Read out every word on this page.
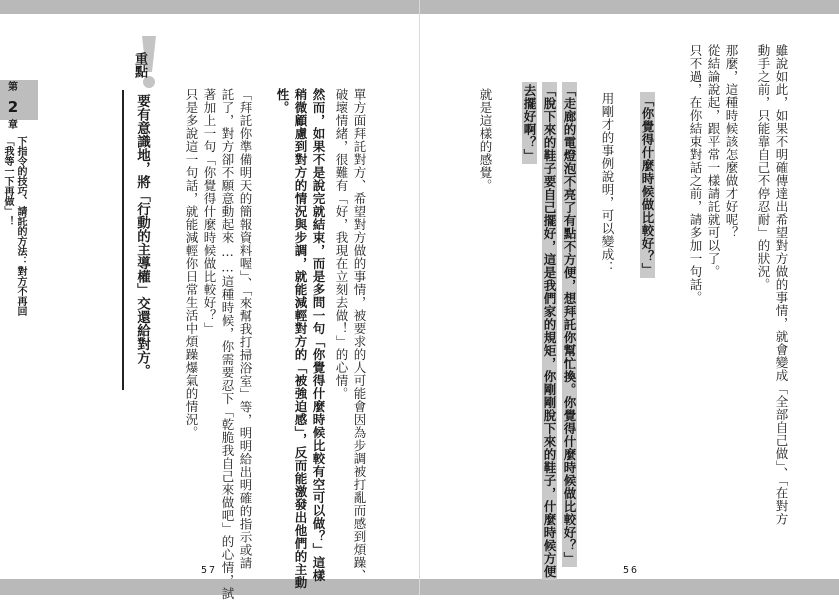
第
2
章
下指令的技巧、請託的方法：對方不再回
「我等一下再做」！
重點
要有意識地，將「行動的主導權」交還給對方。	單方面拜託對方、希望對方做的事情，被要求的人可能會因為步調被打亂而感到煩躁、
破壞情緒，很難有「好，我現在立刻去做！」的心情。
然而，如果不是說完就結束，而是多問一句「你覺得什麼時候比較有空可以做？」這樣
稍微顧慮到對方的情況與步調，就能減輕對方的「被強迫感」，反而能激發出他們的主動
性。
「拜託你準備明天的簡報資料喔」、「來幫我打掃浴室」等，明明給出明確的指示或請
託了，對方卻不願意動起來……這種時候，你需要忍下「乾脆我自己來做吧」的心情，試
著加上一句「你覺得什麼時候做比較好？」
只是多說這一句話，就能減輕你日常生活中煩躁爆氣的情況。
57
雖說如此，如果不明確傳達出希望對方做的事情，就會變成「全部自己做」、「在對方
動手之前，只能靠自己不停忍耐」的狀況。
那麼，這種時候該怎麼做才好呢？
從結論說起，跟平常一樣請託就可以了。
只不過，在你結束對話之前，請多加一句話。
「你覺得什麼時候做比較好？」
用剛才的事例說明，可以變成：
「走廊的電燈泡不亮了有點不方便，想拜託你幫忙換。你覺得什麼時候做比較好？」
「脫下來的鞋子要自己擺好，這是我們家的規矩，你剛剛脫下來的鞋子，什麼時候方便
去擺好啊？」
就是這樣的感覺。
56
